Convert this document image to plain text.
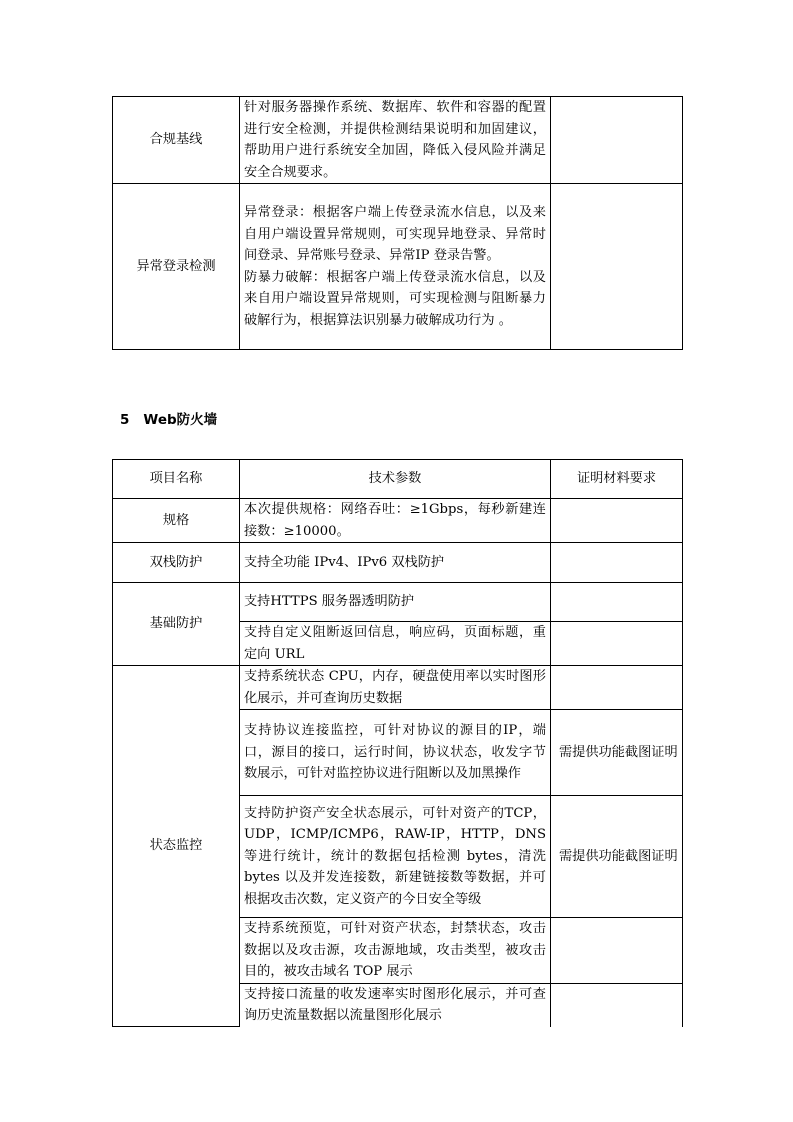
合规基线	针对服务器操作系统、数据库、软件和容器的配置进行安全检测，并提供检测结果说明和加固建议，帮助用户进行系统安全加固，降低入侵风险并满足安全合规要求。	
异常登录检测	异常登录：根据客户端上传登录流水信息，以及来自用户端设置异常规则，可实现异地登录、异常时间登录、异常账号登录、异常IP 登录告警。
防暴力破解：根据客户端上传登录流水信息，以及来自用户端设置异常规则，可实现检测与阻断暴力破解行为，根据算法识别暴力破解成功行为 。	
5 Web防火墙
项目名称	技术参数	证明材料要求
规格	本次提供规格：网络吞吐：≥1Gbps，每秒新建连接数：≥10000。	
双栈防护	支持全功能 IPv4、IPv6 双栈防护	
基础防护	支持HTTPS 服务器透明防护	
	支持自定义阻断返回信息，响应码，页面标题，重定向 URL	
状态监控	支持系统状态 CPU，内存，硬盘使用率以实时图形化展示，并可查询历史数据	
	支持协议连接监控，可针对协议的源目的IP，端口，源目的接口，运行时间，协议状态，收发字节数展示，可针对监控协议进行阻断以及加黑操作	需提供功能截图证明
	支持防护资产安全状态展示，可针对资产的TCP，UDP，ICMP/ICMP6，RAW-IP，HTTP，DNS等进行统计，统计的数据包括检测 bytes，清洗 bytes 以及并发连接数，新建链接数等数据，并可根据攻击次数，定义资产的今日安全等级	需提供功能截图证明
	支持系统预览，可针对资产状态，封禁状态，攻击数据以及攻击源，攻击源地域，攻击类型，被攻击目的，被攻击域名 TOP 展示	
	支持接口流量的收发速率实时图形化展示，并可查询历史流量数据以流量图形化展示	
